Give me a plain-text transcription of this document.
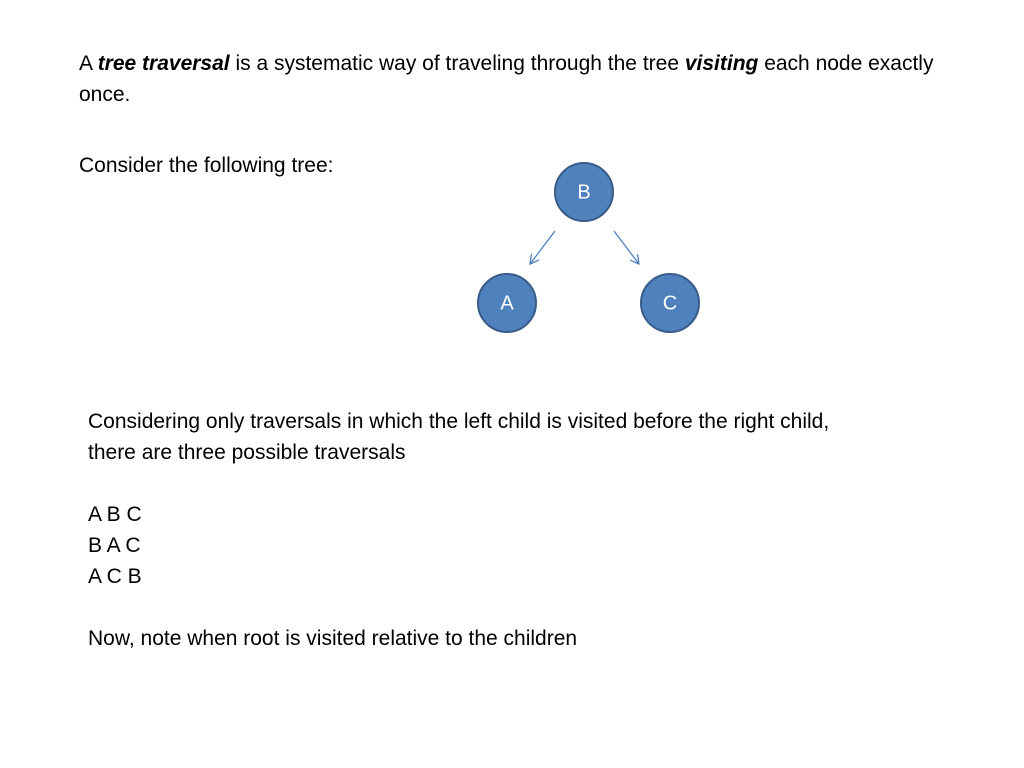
A tree traversal is a systematic way of traveling through the tree visiting each node exactly once.
Consider the following tree:
B
A	C
Considering only traversals in which the left child is visited before the right child,
there are three possible traversals
A B C
B A C
A C B
Now, note when root is visited relative to the children
